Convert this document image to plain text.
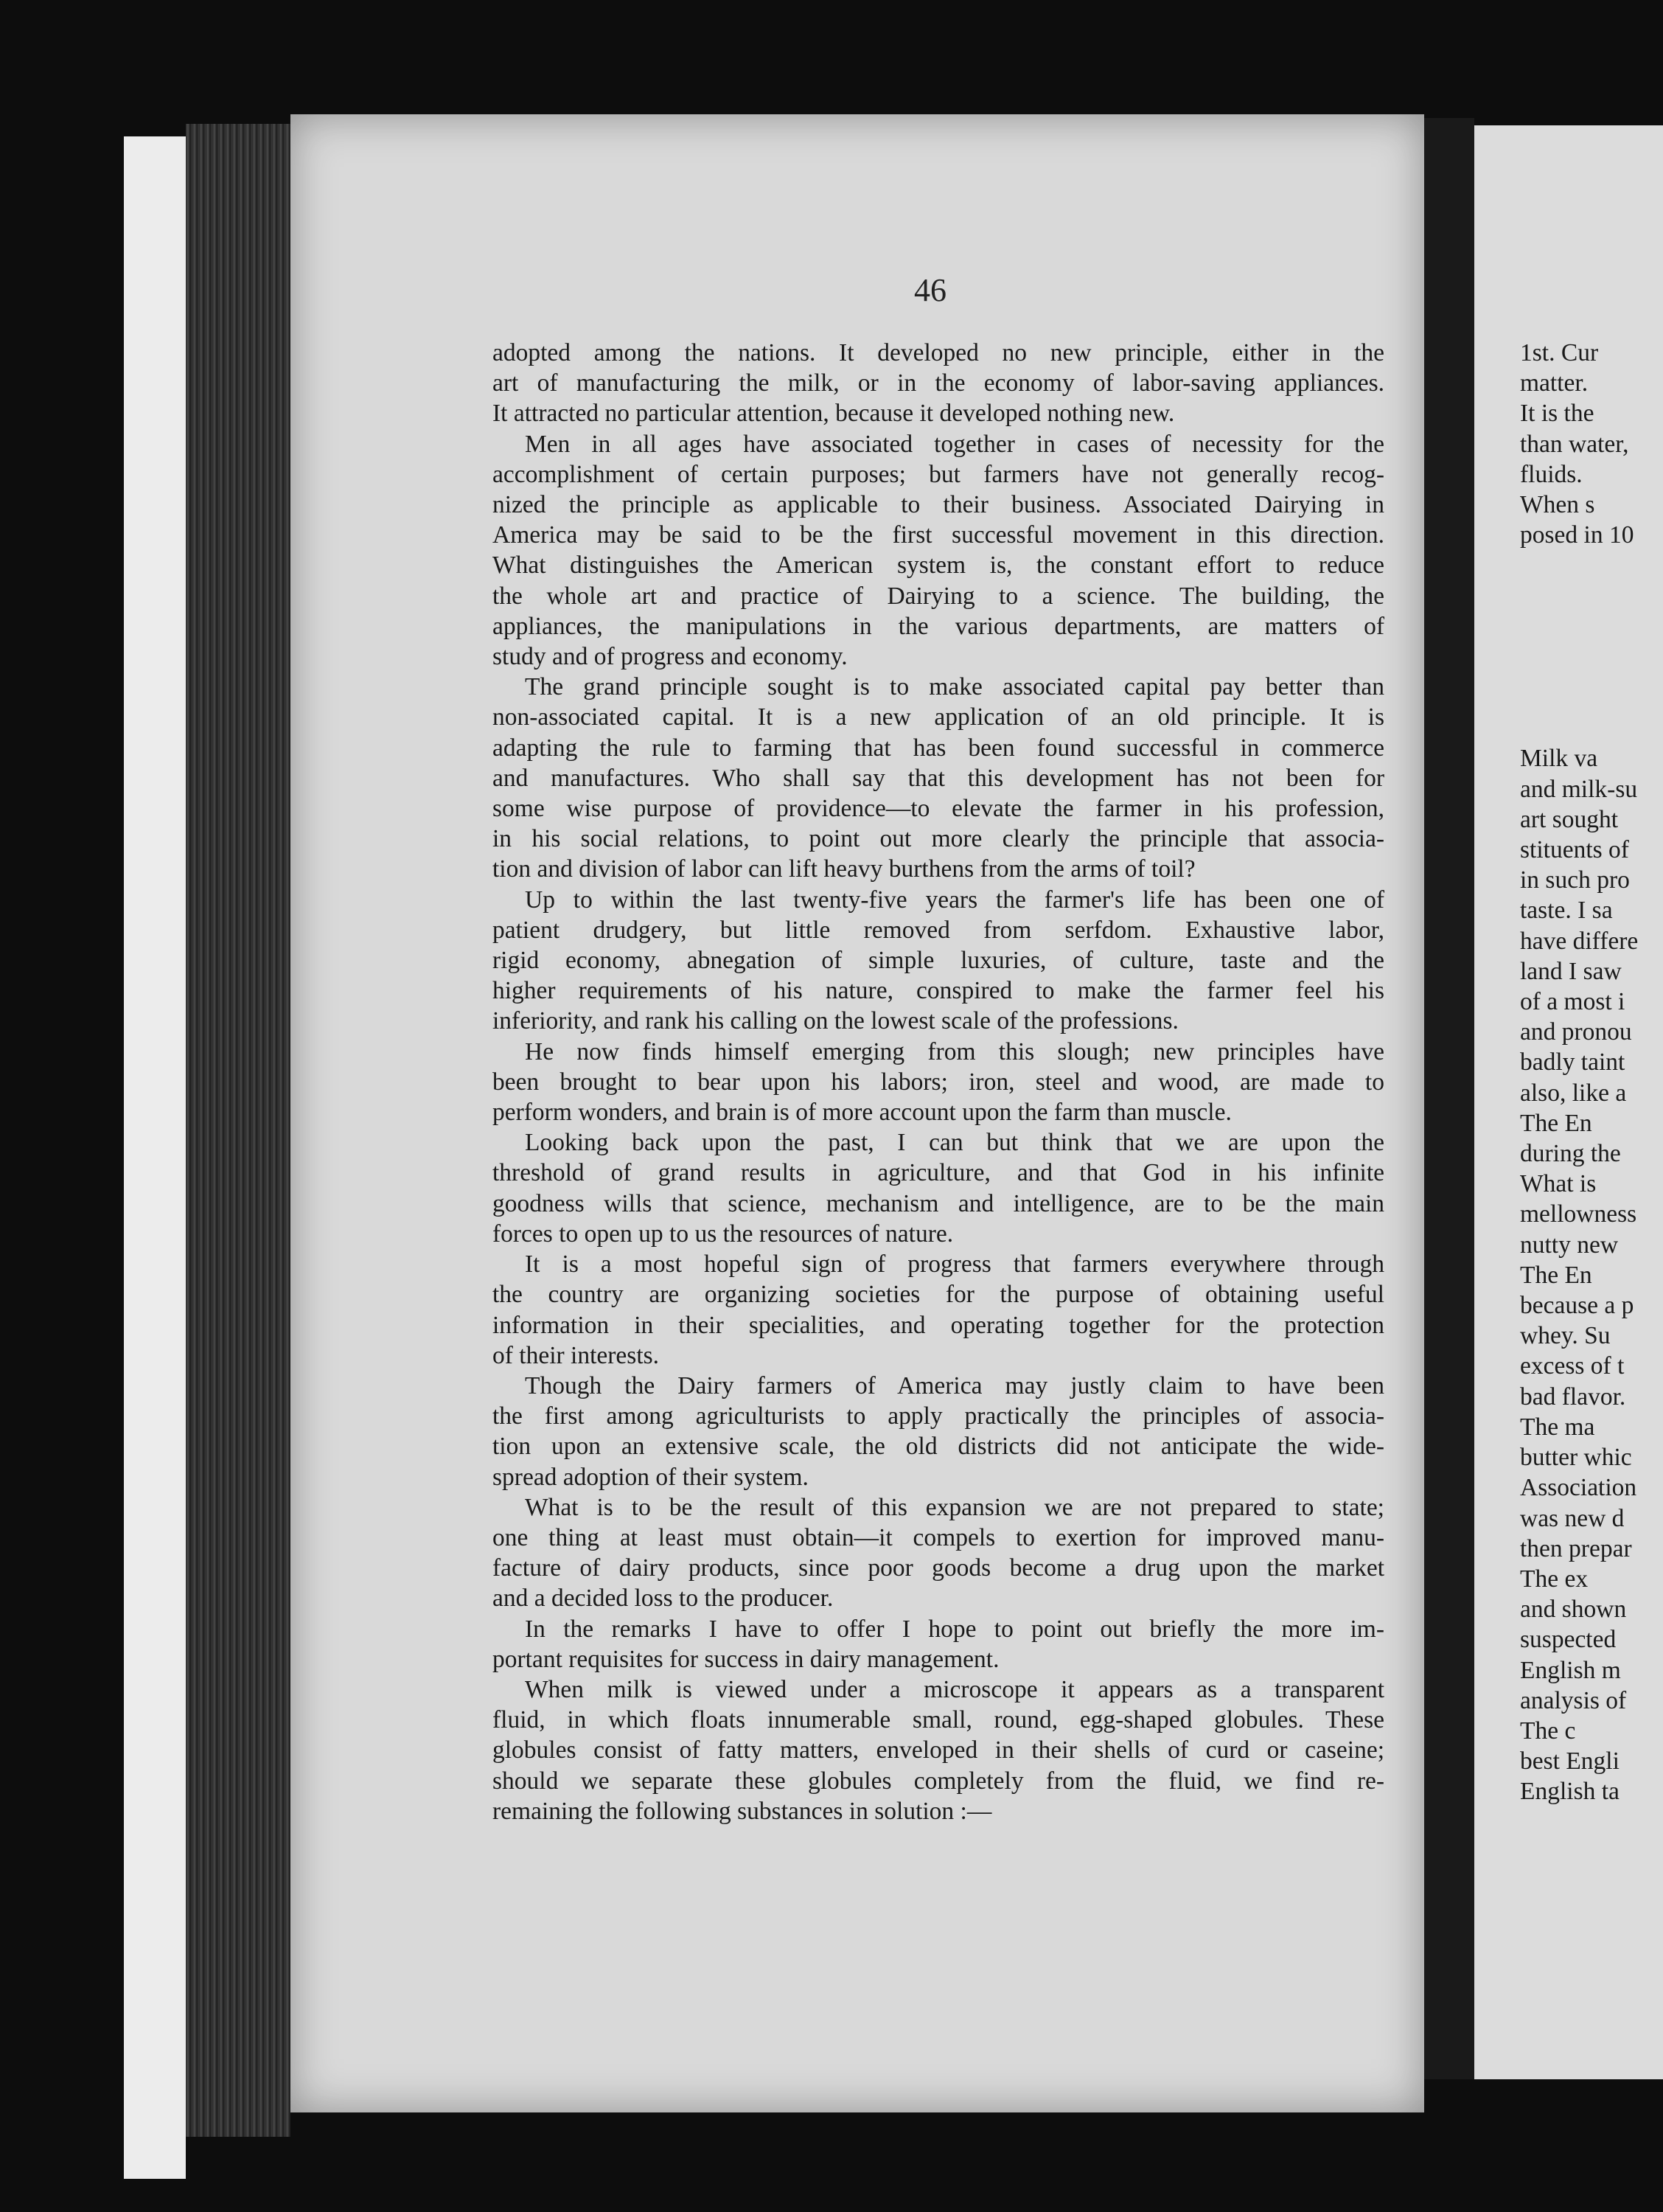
46
adopted among the nations. It developed no new principle, either in the
art of manufacturing the milk, or in the economy of labor-saving appliances.
It attracted no particular attention, because it developed nothing new.
Men in all ages have associated together in cases of necessity for the
accomplishment of certain purposes; but farmers have not generally recog-
nized the principle as applicable to their business. Associated Dairying in
America may be said to be the first successful movement in this direction.
What distinguishes the American system is, the constant effort to reduce
the whole art and practice of Dairying to a science. The building, the
appliances, the manipulations in the various departments, are matters of
study and of progress and economy.
The grand principle sought is to make associated capital pay better than
non-associated capital. It is a new application of an old principle. It is
adapting the rule to farming that has been found successful in commerce
and manufactures. Who shall say that this development has not been for
some wise purpose of providence—to elevate the farmer in his profession,
in his social relations, to point out more clearly the principle that associa-
tion and division of labor can lift heavy burthens from the arms of toil?
Up to within the last twenty-five years the farmer's life has been one of
patient drudgery, but little removed from serfdom. Exhaustive labor,
rigid economy, abnegation of simple luxuries, of culture, taste and the
higher requirements of his nature, conspired to make the farmer feel his
inferiority, and rank his calling on the lowest scale of the professions.
He now finds himself emerging from this slough; new principles have
been brought to bear upon his labors; iron, steel and wood, are made to
perform wonders, and brain is of more account upon the farm than muscle.
Looking back upon the past, I can but think that we are upon the
threshold of grand results in agriculture, and that God in his infinite
goodness wills that science, mechanism and intelligence, are to be the main
forces to open up to us the resources of nature.
It is a most hopeful sign of progress that farmers everywhere through
the country are organizing societies for the purpose of obtaining useful
information in their specialities, and operating together for the protection
of their interests.
Though the Dairy farmers of America may justly claim to have been
the first among agriculturists to apply practically the principles of associa-
tion upon an extensive scale, the old districts did not anticipate the wide-
spread adoption of their system.
What is to be the result of this expansion we are not prepared to state;
one thing at least must obtain—it compels to exertion for improved manu-
facture of dairy products, since poor goods become a drug upon the market
and a decided loss to the producer.
In the remarks I have to offer I hope to point out briefly the more im-
portant requisites for success in dairy management.
When milk is viewed under a microscope it appears as a transparent
fluid, in which floats innumerable small, round, egg-shaped globules. These
globules consist of fatty matters, enveloped in their shells of curd or caseine;
should we separate these globules completely from the fluid, we find re-
remaining the following substances in solution :—
1st. Cur
matter.
It is the
than water,
fluids.
When s
posed in 10
Milk va
and milk-su
art sought
stituents of
in such pro
taste. I sa
have differe
land I saw
of a most i
and pronou
badly taint
also, like a
The En
during the
What is
mellowness
nutty new
The En
because a p
whey. Su
excess of t
bad flavor.
The ma
butter whic
Association
was new d
then prepar
The ex
and shown
suspected
English m
analysis of
The c
best Engli
English ta
